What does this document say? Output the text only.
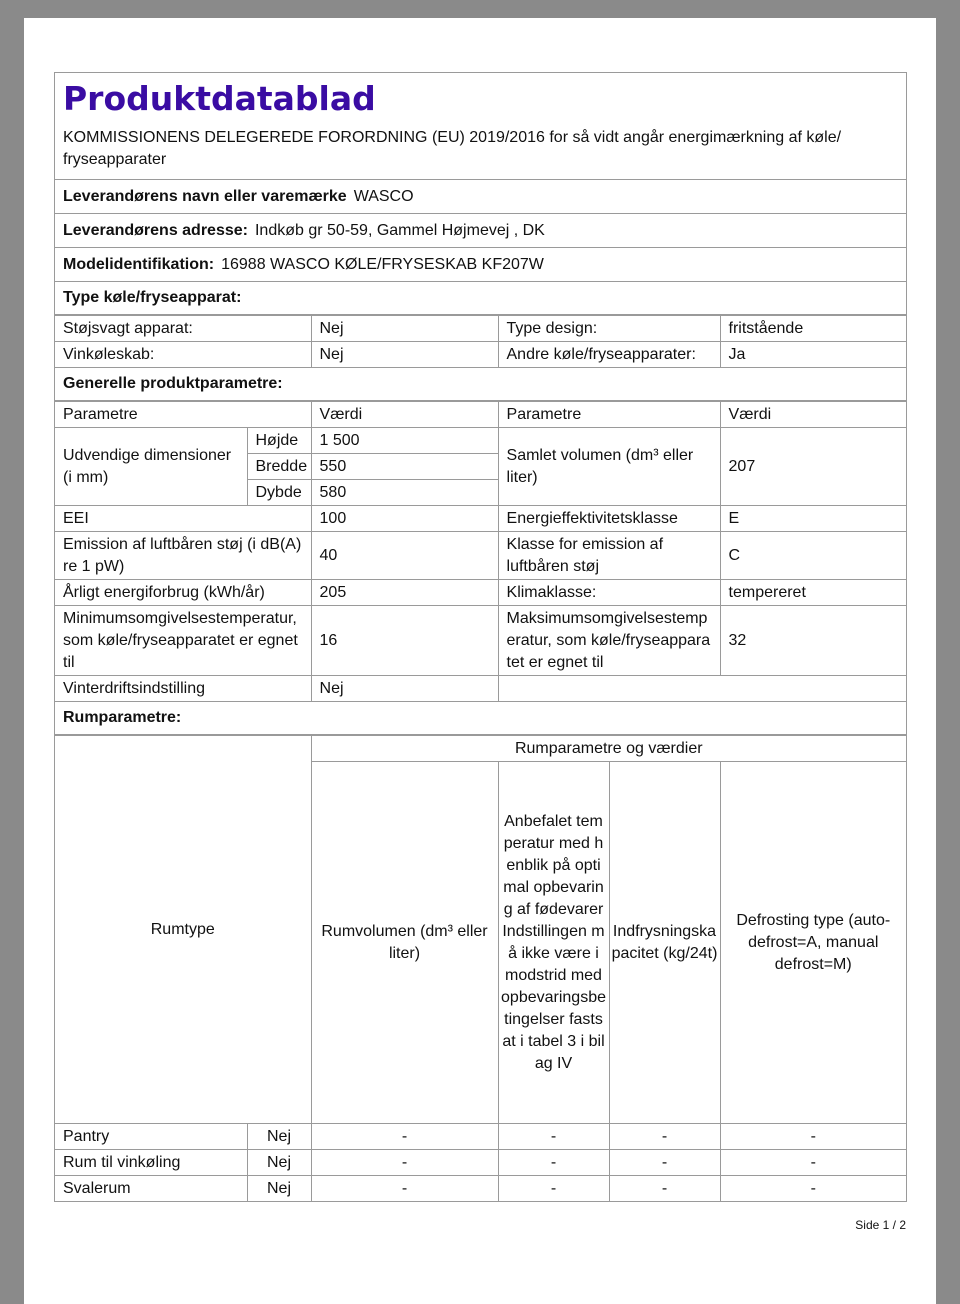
Produktdatablad
KOMMISSIONENS DELEGEREDE FORORDNING (EU) 2019/2016 for så vidt angår energimærkning af køle/ fryseapparater
Leverandørens navn eller varemærke WASCO
Leverandørens adresse: Indkøb gr 50-59, Gammel Højmevej , DK
Modelidentifikation: 16988 WASCO KØLE/FRYSESKAB KF207W
Type køle/fryseapparat:
Støjsvagt apparat:	Nej	Type design:	fritstående
Vinkøleskab:	Nej	Andre køle/fryseapparater:	Ja
Generelle produktparametre:
Parametre		Værdi	Parametre	Værdi
Udvendige dimensioner (i mm)	Højde	1 500	Samlet volumen (dm³ eller liter)	207
	Bredde	550		
	Dybde	580		
EEI		100	Energieffektivitetsklasse	E
Emission af luftbåren støj (i dB(A) re 1 pW)		40	Klasse for emission af luftbåren støj	C
Årligt energiforbrug (kWh/år)		205	Klimaklasse:	tempereret
Minimumsomgivelsestemperatur, som køle/fryseapparatet er egnet til		16	Maksimumsomgivelsestemperatur, som køle/fryseapparatet er egnet til	32
Vinterdriftsindstilling		Nej		
Rumparametre:
Rumtype		Rumparametre og værdier			
		Rumvolumen (dm³ eller liter)	Anbefalet temperatur med henblik på optimal opbevaring af fødevarer Indstillingen må ikke være i modstrid med opbevaringsbetingelser fastsat i tabel 3 i bilag IV	Indfrysningskapacitet (kg/24t)	Defrosting type (auto-defrost=A, manual defrost=M)
Pantry	Nej	-	-	-	-
Rum til vinkøling	Nej	-	-	-	-
Svalerum	Nej	-	-	-	-
Side 1 / 2
